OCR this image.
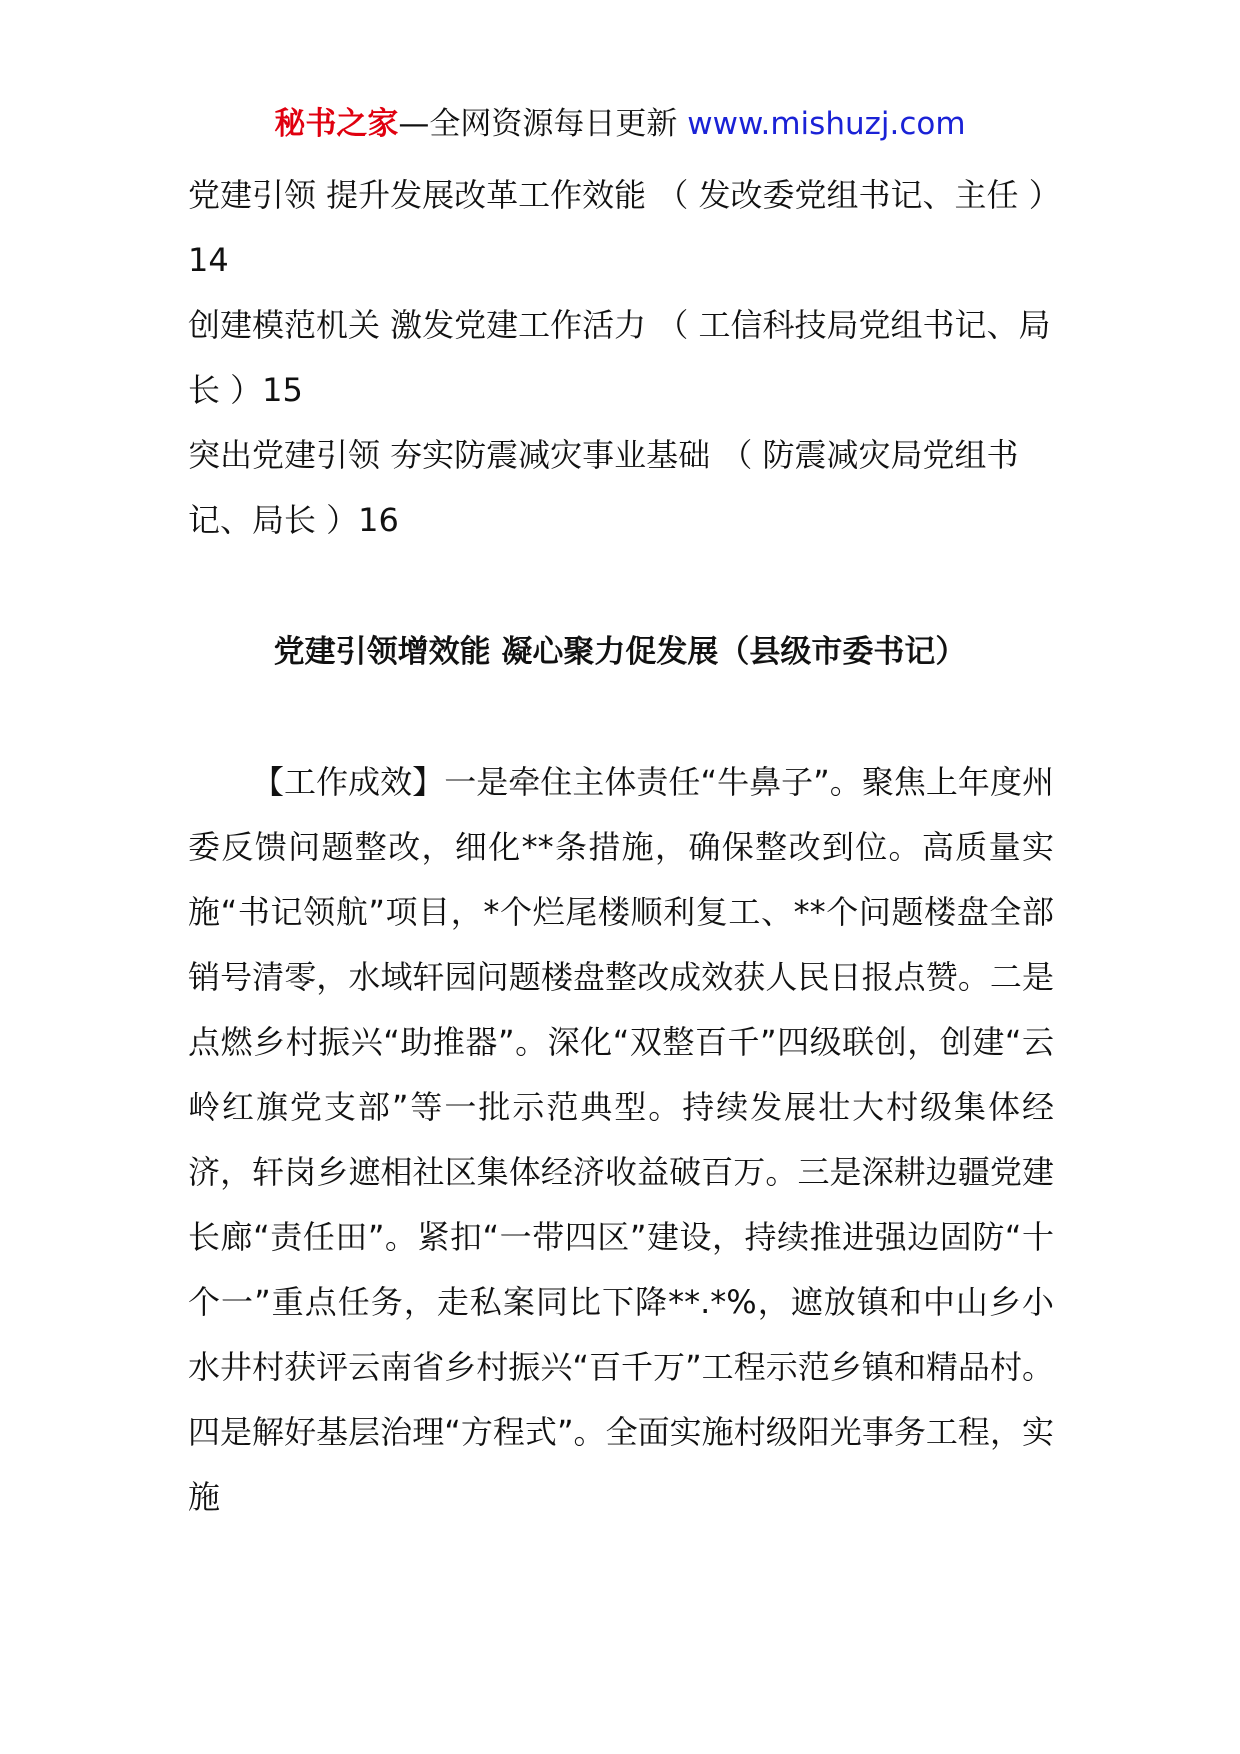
秘书之家—全网资源每日更新 www.mishuzj.com

党建引领 提升发展改革工作效能 （ 发改委党组书记、主任 ）14

创建模范机关 激发党建工作活力 （ 工信科技局党组书记、局长 ）15

突出党建引领 夯实防震减灾事业基础 （ 防震减灾局党组书记、局长 ）16

党建引领增效能 凝心聚力促发展（县级市委书记）

【工作成效】一是牵住主体责任“牛鼻子”。聚焦上年度州委反馈问题整改，细化**条措施，确保整改到位。高质量实施“书记领航”项目，*个烂尾楼顺利复工、**个问题楼盘全部销号清零，水域轩园问题楼盘整改成效获人民日报点赞。二是点燃乡村振兴“助推器”。深化“双整百千”四级联创，创建“云岭红旗党支部”等一批示范典型。持续发展壮大村级集体经济，轩岗乡遮相社区集体经济收益破百万。三是深耕边疆党建长廊“责任田”。紧扣“一带四区”建设，持续推进强边固防“十个一”重点任务，走私案同比下降**.*%，遮放镇和中山乡小水井村获评云南省乡村振兴“百千万”工程示范乡镇和精品村。四是解好基层治理“方程式”。全面实施村级阳光事务工程，实施
